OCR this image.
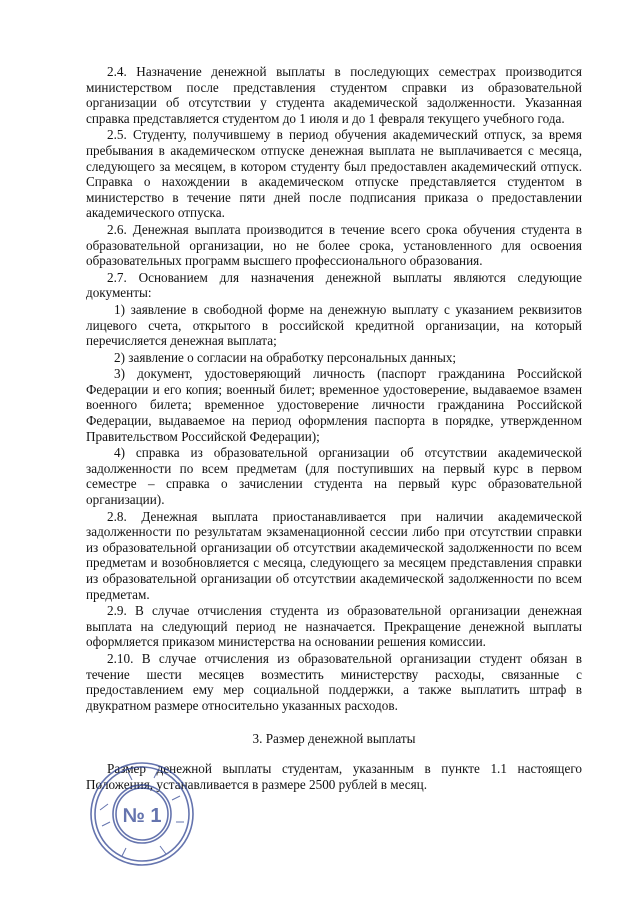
2.4. Назначение денежной выплаты в последующих семестрах производится министерством после представления студентом справки из образовательной организации об отсутствии у студента академической задолженности. Указанная справка представляется студентом до 1 июля и до 1 февраля текущего учебного года.

2.5. Студенту, получившему в период обучения академический отпуск, за время пребывания в академическом отпуске денежная выплата не выплачивается с месяца, следующего за месяцем, в котором студенту был предоставлен академический отпуск. Справка о нахождении в академическом отпуске представляется студентом в министерство в течение пяти дней после подписания приказа о предоставлении академического отпуска.

2.6. Денежная выплата производится в течение всего срока обучения студента в образовательной организации, но не более срока, установленного для освоения образовательных программ высшего профессионального образования.

2.7. Основанием для назначения денежной выплаты являются следующие документы:

1) заявление в свободной форме на денежную выплату с указанием реквизитов лицевого счета, открытого в российской кредитной организации, на который перечисляется денежная выплата;

2) заявление о согласии на обработку персональных данных;

3) документ, удостоверяющий личность (паспорт гражданина Российской Федерации и его копия; военный билет; временное удостоверение, выдаваемое взамен военного билета; временное удостоверение личности гражданина Российской Федерации, выдаваемое на период оформления паспорта в порядке, утвержденном Правительством Российской Федерации);

4) справка из образовательной организации об отсутствии академической задолженности по всем предметам (для поступивших на первый курс в первом семестре – справка о зачислении студента на первый курс образовательной организации).

2.8. Денежная выплата приостанавливается при наличии академической задолженности по результатам экзаменационной сессии либо при отсутствии справки из образовательной организации об отсутствии академической задолженности по всем предметам и возобновляется с месяца, следующего за месяцем представления справки из образовательной организации об отсутствии академической задолженности по всем предметам.

2.9. В случае отчисления студента из образовательной организации денежная выплата на следующий период не назначается. Прекращение денежной выплаты оформляется приказом министерства на основании решения комиссии.

2.10. В случае отчисления из образовательной организации студент обязан в течение шести месяцев возместить министерству расходы, связанные с предоставлением ему мер социальной поддержки, а также выплатить штраф в двукратном размере относительно указанных расходов.

3. Размер денежной выплаты

Размер денежной выплаты студентам, указанным в пункте 1.1 настоящего Положения, устанавливается в размере 2500 рублей в месяц.

№ 1
